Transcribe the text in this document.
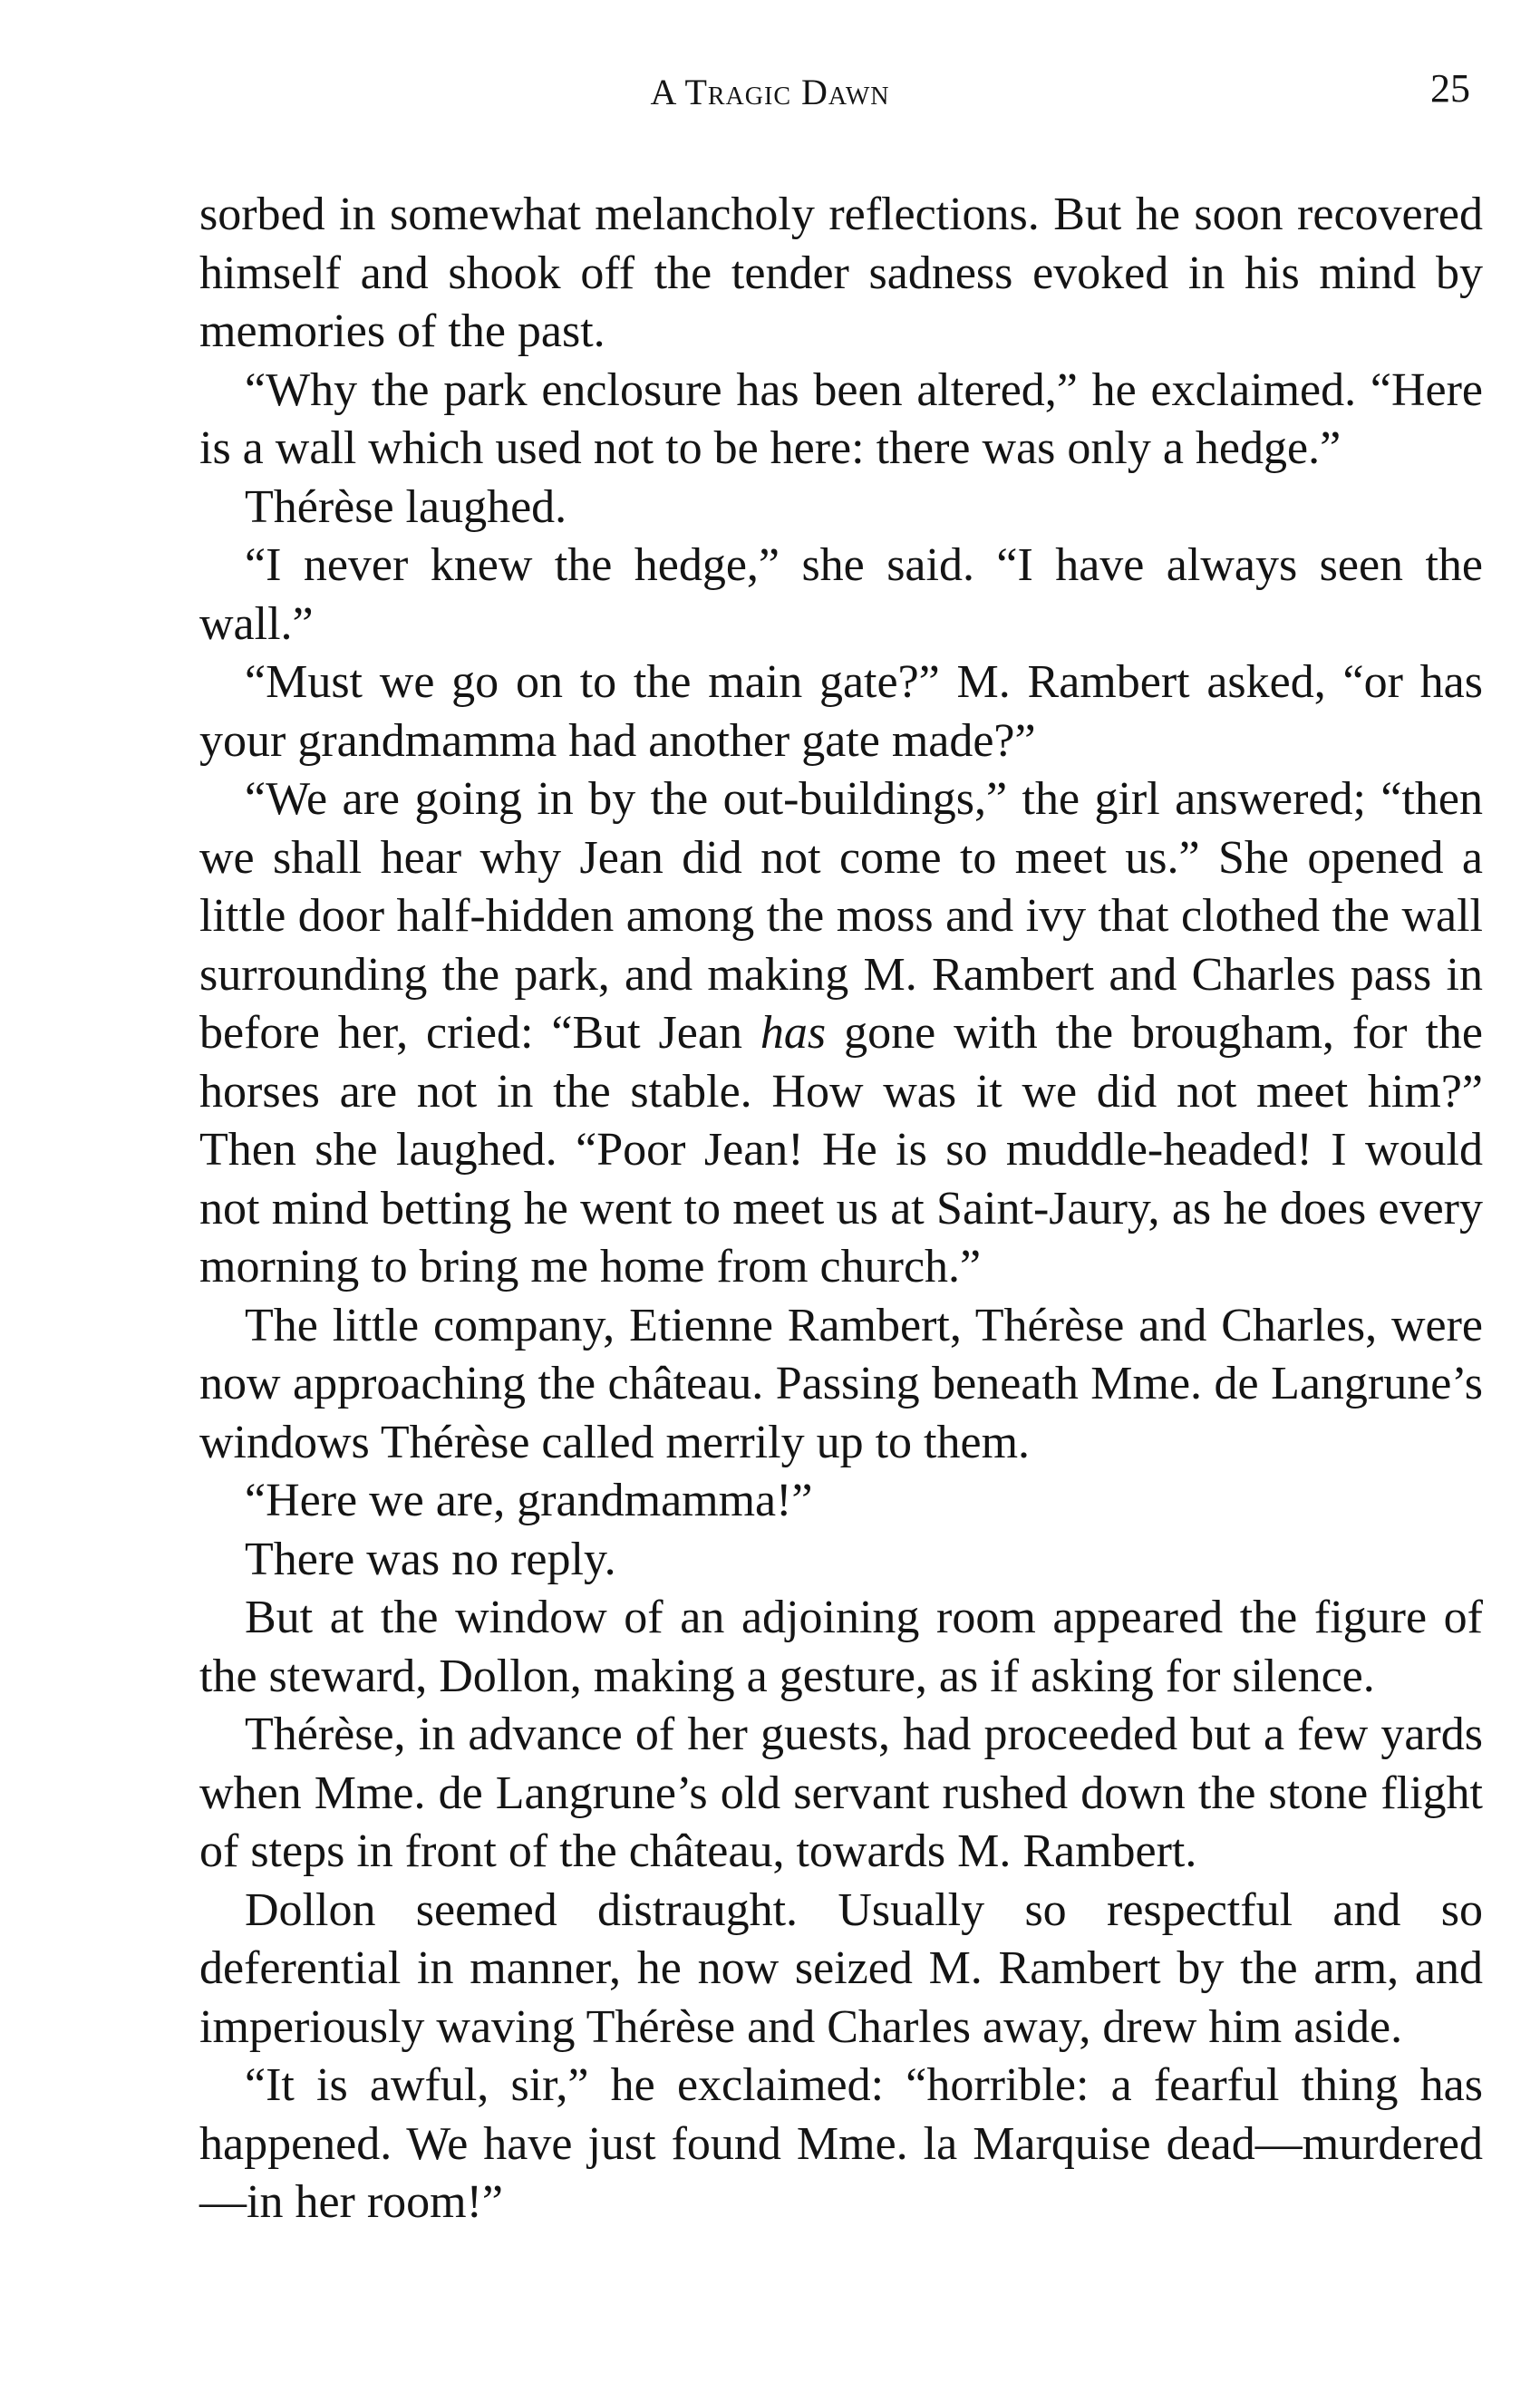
A Tragic Dawn	25

sorbed in somewhat melancholy reflections. But he soon recovered himself and shook off the tender sadness evoked in his mind by memories of the past.

“Why the park enclosure has been altered,” he exclaimed. “Here is a wall which used not to be here: there was only a hedge.”

Thérèse laughed.

“I never knew the hedge,” she said. “I have always seen the wall.”

“Must we go on to the main gate?” M. Rambert asked, “or has your grandmamma had another gate made?”

“We are going in by the out-buildings,” the girl answered; “then we shall hear why Jean did not come to meet us.” She opened a little door half-hidden among the moss and ivy that clothed the wall surrounding the park, and making M. Rambert and Charles pass in before her, cried: “But Jean has gone with the brougham, for the horses are not in the stable. How was it we did not meet him?” Then she laughed. “Poor Jean! He is so muddle-headed! I would not mind betting he went to meet us at Saint-Jaury, as he does every morning to bring me home from church.”

The little company, Etienne Rambert, Thérèse and Charles, were now approaching the château. Passing beneath Mme. de Langrune’s windows Thérèse called merrily up to them.

“Here we are, grandmamma!”

There was no reply.

But at the window of an adjoining room appeared the figure of the steward, Dollon, making a gesture, as if asking for silence.

Thérèse, in advance of her guests, had proceeded but a few yards when Mme. de Langrune’s old servant rushed down the stone flight of steps in front of the château, towards M. Rambert.

Dollon seemed distraught. Usually so respectful and so deferential in manner, he now seized M. Rambert by the arm, and imperiously waving Thérèse and Charles away, drew him aside.

“It is awful, sir,” he exclaimed: “horrible: a fearful thing has happened. We have just found Mme. la Marquise dead—murdered—in her room!”
